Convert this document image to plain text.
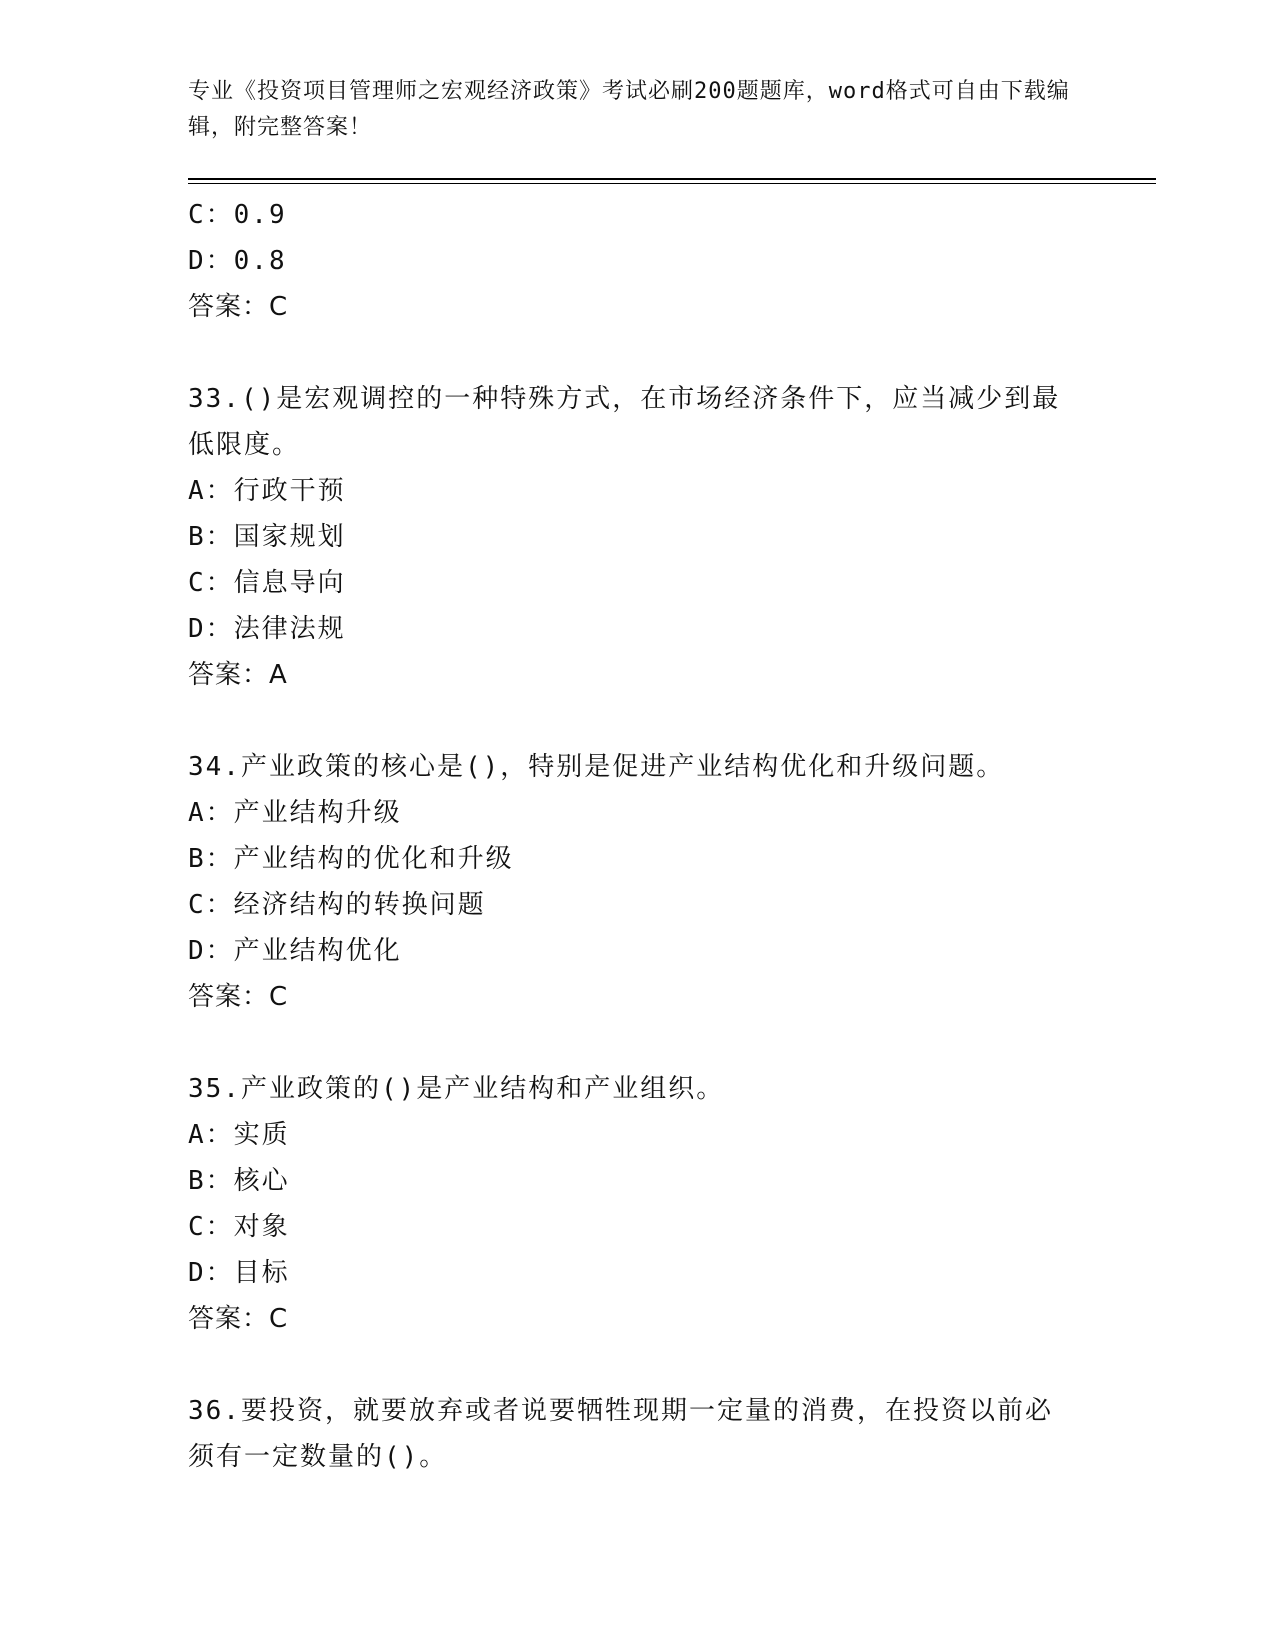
专业《投资项目管理师之宏观经济政策》考试必刷200题题库，word格式可自由下载编辑，附完整答案！
C：0.9
D：0.8
答案：C
33.()是宏观调控的一种特殊方式，在市场经济条件下，应当减少到最
低限度。
A：行政干预
B：国家规划
C：信息导向
D：法律法规
答案：A
34.产业政策的核心是()，特别是促进产业结构优化和升级问题。
A：产业结构升级
B：产业结构的优化和升级
C：经济结构的转换问题
D：产业结构优化
答案：C
35.产业政策的()是产业结构和产业组织。
A：实质
B：核心
C：对象
D：目标
答案：C
36.要投资，就要放弃或者说要牺牲现期一定量的消费，在投资以前必
须有一定数量的()。
